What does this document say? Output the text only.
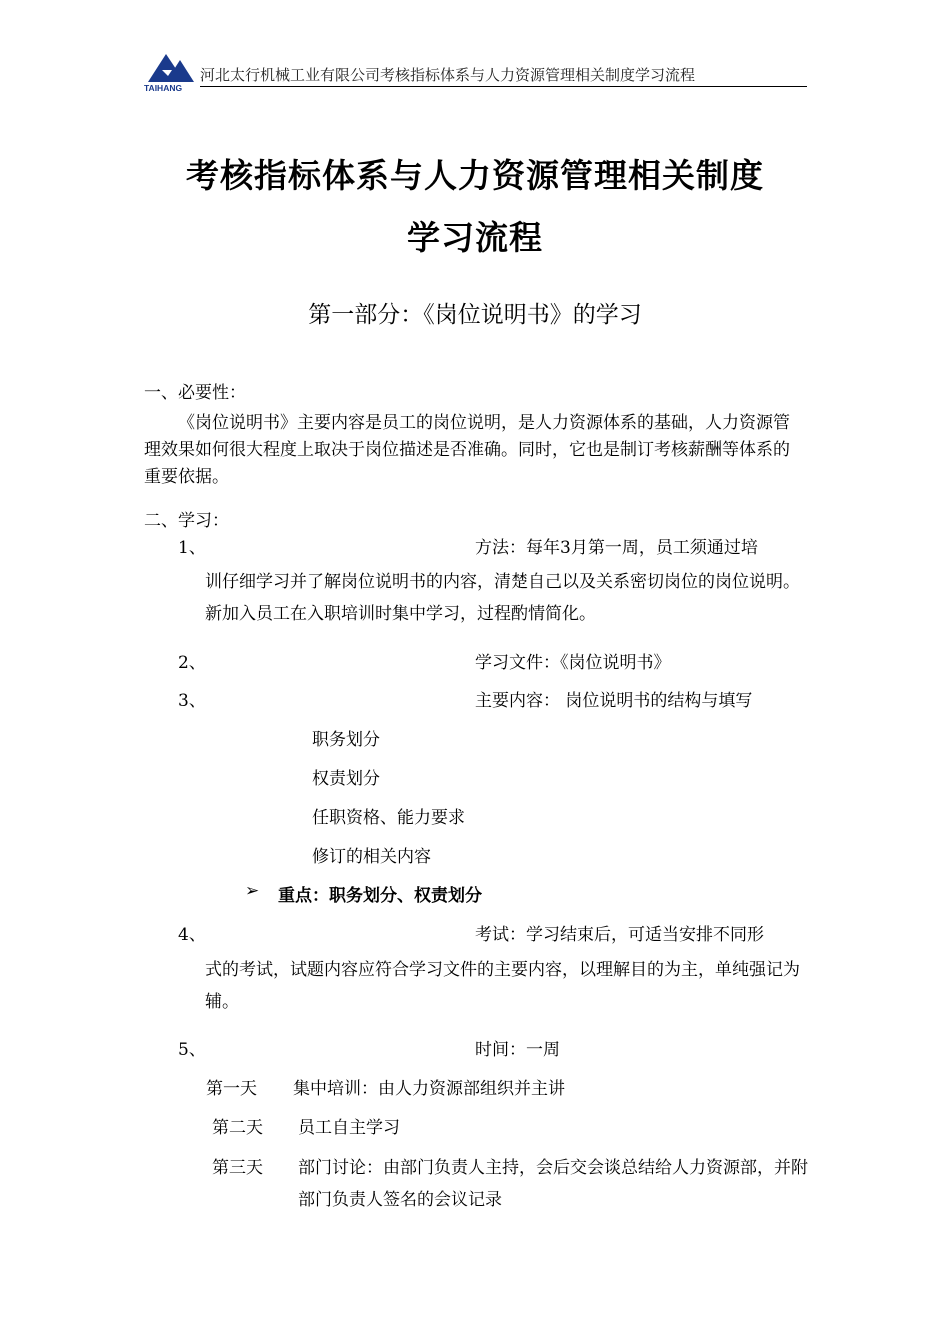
TAIHANG
河北太行机械工业有限公司考核指标体系与人力资源管理相关制度学习流程
考核指标体系与人力资源管理相关制度
学习流程
第一部分：《岗位说明书》的学习
一、必要性：
《岗位说明书》主要内容是员工的岗位说明，是人力资源体系的基础，人力资源管理效果如何很大程度上取决于岗位描述是否准确。同时，它也是制订考核薪酬等体系的重要依据。
二、学习：
1、	方法：每年3月第一周，员工须通过培
训仔细学习并了解岗位说明书的内容，清楚自己以及关系密切岗位的岗位说明。新加入员工在入职培训时集中学习，过程酌情简化。
2、	学习文件：《岗位说明书》
3、	主要内容： 岗位说明书的结构与填写
职务划分
权责划分
任职资格、能力要求
修订的相关内容
➢ 重点：职务划分、权责划分
4、	考试：学习结束后，可适当安排不同形
式的考试，试题内容应符合学习文件的主要内容，以理解目的为主，单纯强记为辅。
5、	时间：一周
第一天 集中培训：由人力资源部组织并主讲
第二天 员工自主学习
第三天 部门讨论：由部门负责人主持，会后交会谈总结给人力资源部，并附部门负责人签名的会议记录
